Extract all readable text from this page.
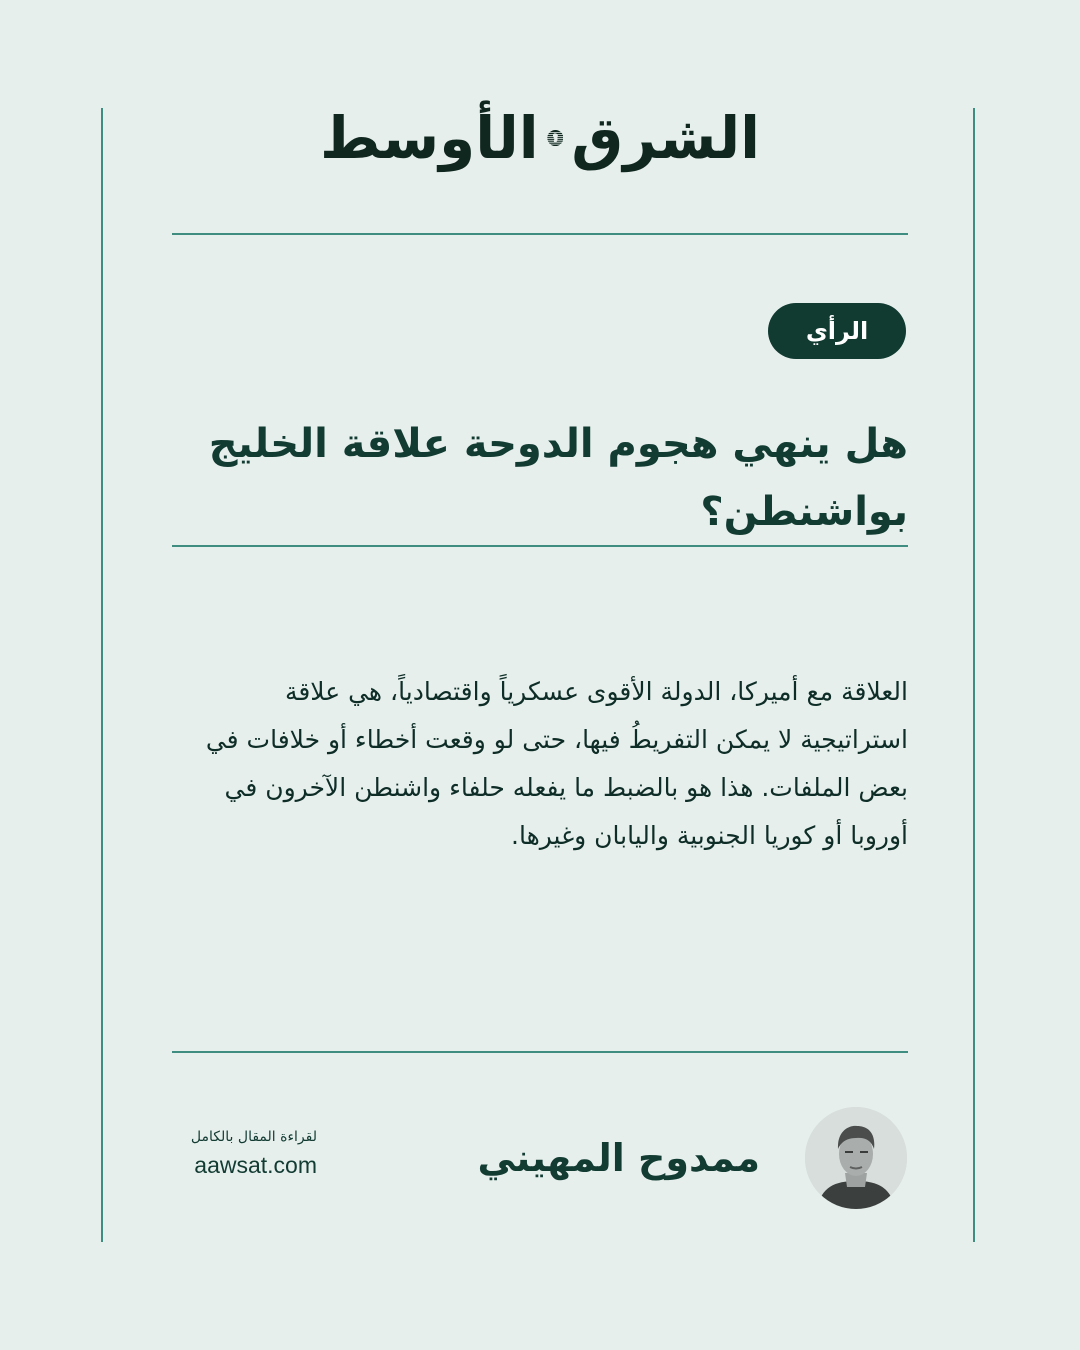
الشرق
الأوسط
الرأي
هل ينهي هجوم الدوحة علاقة الخليج بواشنطن؟

العلاقة مع أميركا، الدولة الأقوى عسكرياً واقتصادياً، هي علاقة استراتيجية لا يمكن التفريطُ فيها، حتى لو وقعت أخطاء أو خلافات في بعض الملفات. هذا هو بالضبط ما يفعله حلفاء واشنطن الآخرون في أوروبا أو كوريا الجنوبية واليابان وغيرها.

ممدوح المهيني
لقراءة المقال بالكامل
aawsat.com
